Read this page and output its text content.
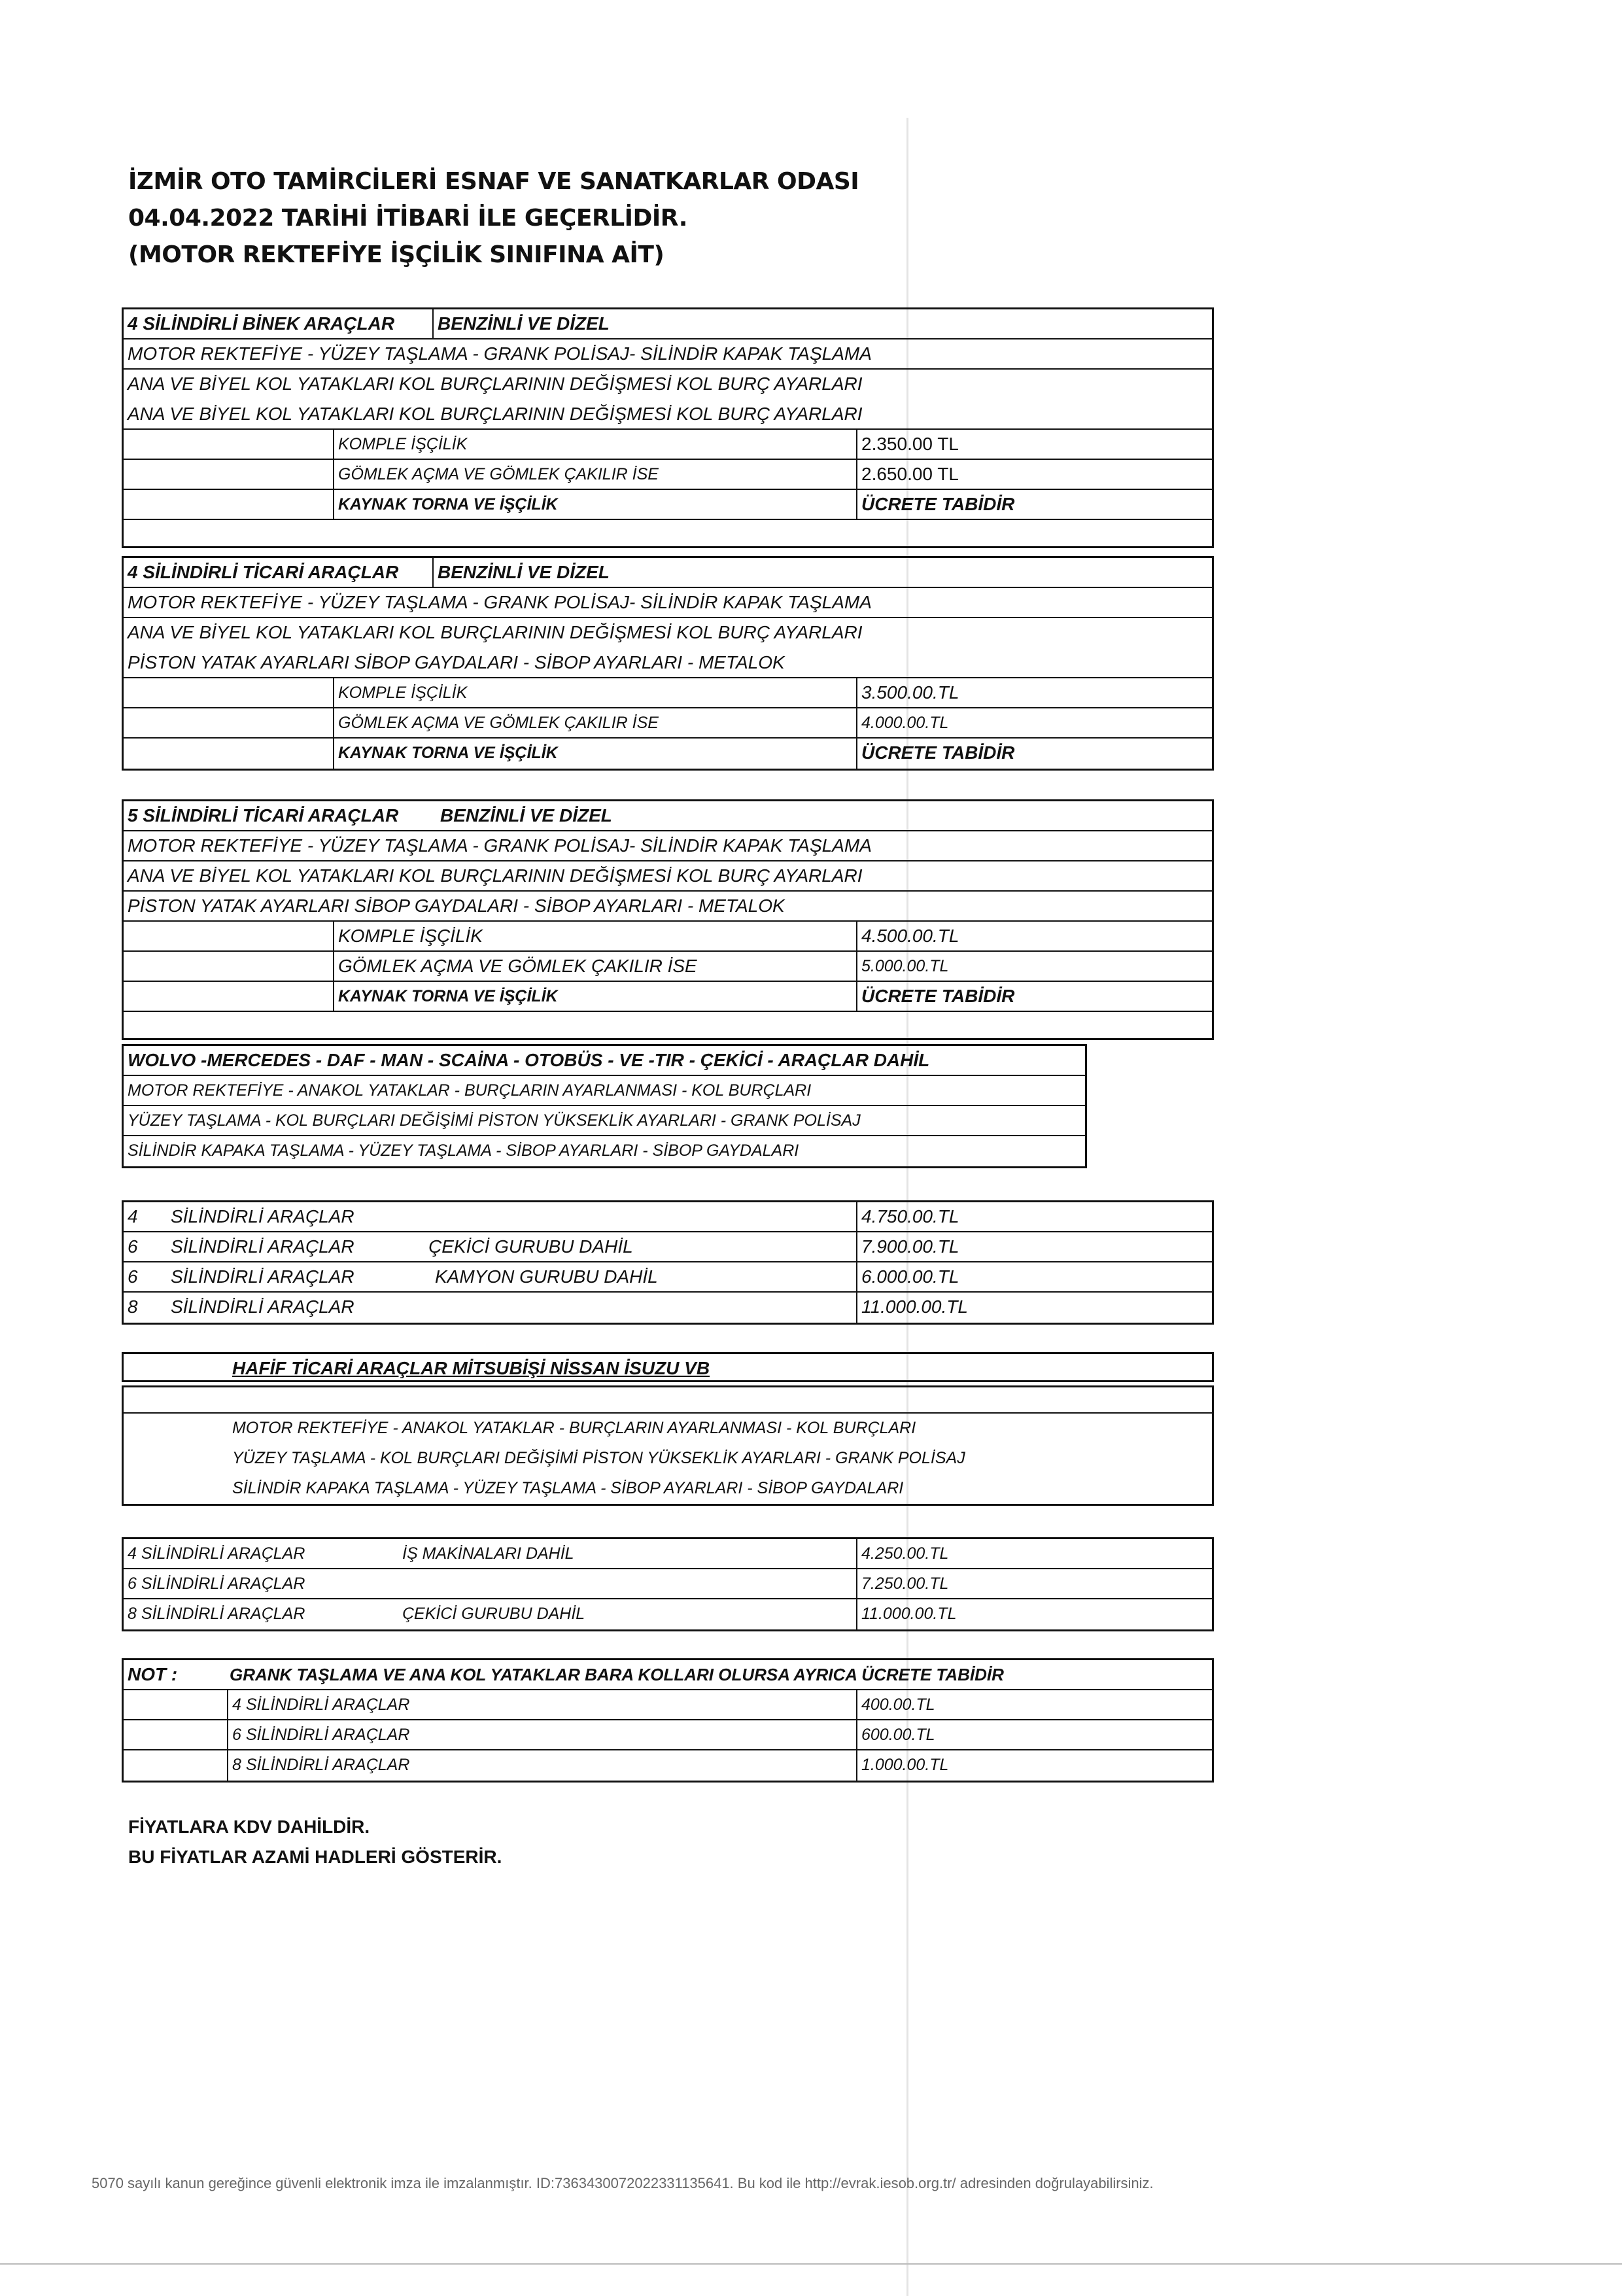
İZMİR OTO TAMİRCİLERİ ESNAF VE SANATKARLAR ODASI
04.04.2022 TARİHİ İTİBARİ İLE GEÇERLİDİR.
(MOTOR REKTEFİYE İŞÇİLİK SINIFINA AİT)
4 SİLİNDİRLİ BİNEK ARAÇLAR BENZİNLİ VE DİZEL
MOTOR REKTEFİYE - YÜZEY TAŞLAMA - GRANK POLİSAJ- SİLİNDİR KAPAK TAŞLAMA
ANA VE BİYEL KOL YATAKLARI KOL BURÇLARININ DEĞİŞMESİ KOL BURÇ AYARLARI
ANA VE BİYEL KOL YATAKLARI KOL BURÇLARININ DEĞİŞMESİ KOL BURÇ AYARLARI
KOMPLE İŞÇİLİK	2.350.00 TL
GÖMLEK AÇMA VE GÖMLEK ÇAKILIR İSE	2.650.00 TL
KAYNAK TORNA VE İŞÇİLİK	ÜCRETE TABİDİR
4 SİLİNDİRLİ TİCARİ ARAÇLAR BENZİNLİ VE DİZEL
MOTOR REKTEFİYE - YÜZEY TAŞLAMA - GRANK POLİSAJ- SİLİNDİR KAPAK TAŞLAMA
ANA VE BİYEL KOL YATAKLARI KOL BURÇLARININ DEĞİŞMESİ KOL BURÇ AYARLARI
PİSTON YATAK AYARLARI SİBOP GAYDALARI - SİBOP AYARLARI - METALOK
KOMPLE İŞÇİLİK	3.500.00.TL
GÖMLEK AÇMA VE GÖMLEK ÇAKILIR İSE	4.000.00.TL
KAYNAK TORNA VE İŞÇİLİK	ÜCRETE TABİDİR
5 SİLİNDİRLİ TİCARİ ARAÇLAR BENZİNLİ VE DİZEL
MOTOR REKTEFİYE - YÜZEY TAŞLAMA - GRANK POLİSAJ- SİLİNDİR KAPAK TAŞLAMA
ANA VE BİYEL KOL YATAKLARI KOL BURÇLARININ DEĞİŞMESİ KOL BURÇ AYARLARI
PİSTON YATAK AYARLARI SİBOP GAYDALARI - SİBOP AYARLARI - METALOK
KOMPLE İŞÇİLİK	4.500.00.TL
GÖMLEK AÇMA VE GÖMLEK ÇAKILIR İSE	5.000.00.TL
KAYNAK TORNA VE İŞÇİLİK	ÜCRETE TABİDİR
WOLVO -MERCEDES - DAF - MAN - SCAİNA - OTOBÜS - VE -TIR - ÇEKİCİ - ARAÇLAR DAHİL
MOTOR REKTEFİYE - ANAKOL YATAKLAR - BURÇLARIN AYARLANMASI - KOL BURÇLARI
YÜZEY TAŞLAMA - KOL BURÇLARI DEĞİŞİMİ PİSTON YÜKSEKLİK AYARLARI - GRANK POLİSAJ
SİLİNDİR KAPAKA TAŞLAMA - YÜZEY TAŞLAMA - SİBOP AYARLARI - SİBOP GAYDALARI
4 SİLİNDİRLİ ARAÇLAR	4.750.00.TL
6 SİLİNDİRLİ ARAÇLAR	ÇEKİCİ GURUBU DAHİL	7.900.00.TL
6 SİLİNDİRLİ ARAÇLAR	KAMYON GURUBU DAHİL	6.000.00.TL
8 SİLİNDİRLİ ARAÇLAR	11.000.00.TL
HAFİF TİCARİ ARAÇLAR MİTSUBİŞİ NİSSAN İSUZU VB
MOTOR REKTEFİYE - ANAKOL YATAKLAR - BURÇLARIN AYARLANMASI - KOL BURÇLARI
YÜZEY TAŞLAMA - KOL BURÇLARI DEĞİŞİMİ PİSTON YÜKSEKLİK AYARLARI - GRANK POLİSAJ
SİLİNDİR KAPAKA TAŞLAMA - YÜZEY TAŞLAMA - SİBOP AYARLARI - SİBOP GAYDALARI
4 SİLİNDİRLİ ARAÇLAR	İŞ MAKİNALARI DAHİL	4.250.00.TL
6 SİLİNDİRLİ ARAÇLAR	7.250.00.TL
8 SİLİNDİRLİ ARAÇLAR	ÇEKİCİ GURUBU DAHİL	11.000.00.TL
NOT :	GRANK TAŞLAMA VE ANA KOL YATAKLAR BARA KOLLARI OLURSA AYRICA ÜCRETE TABİDİR
4 SİLİNDİRLİ ARAÇLAR	400.00.TL
6 SİLİNDİRLİ ARAÇLAR	600.00.TL
8 SİLİNDİRLİ ARAÇLAR	1.000.00.TL
FİYATLARA KDV DAHİLDİR.
BU FİYATLAR AZAMİ HADLERİ GÖSTERİR.
5070 sayılı kanun gereğince güvenli elektronik imza ile imzalanmıştır. ID:73634300720223311356​41. Bu kod ile http://evrak.iesob.org.tr/ adresinden doğrulayabilirsiniz.
